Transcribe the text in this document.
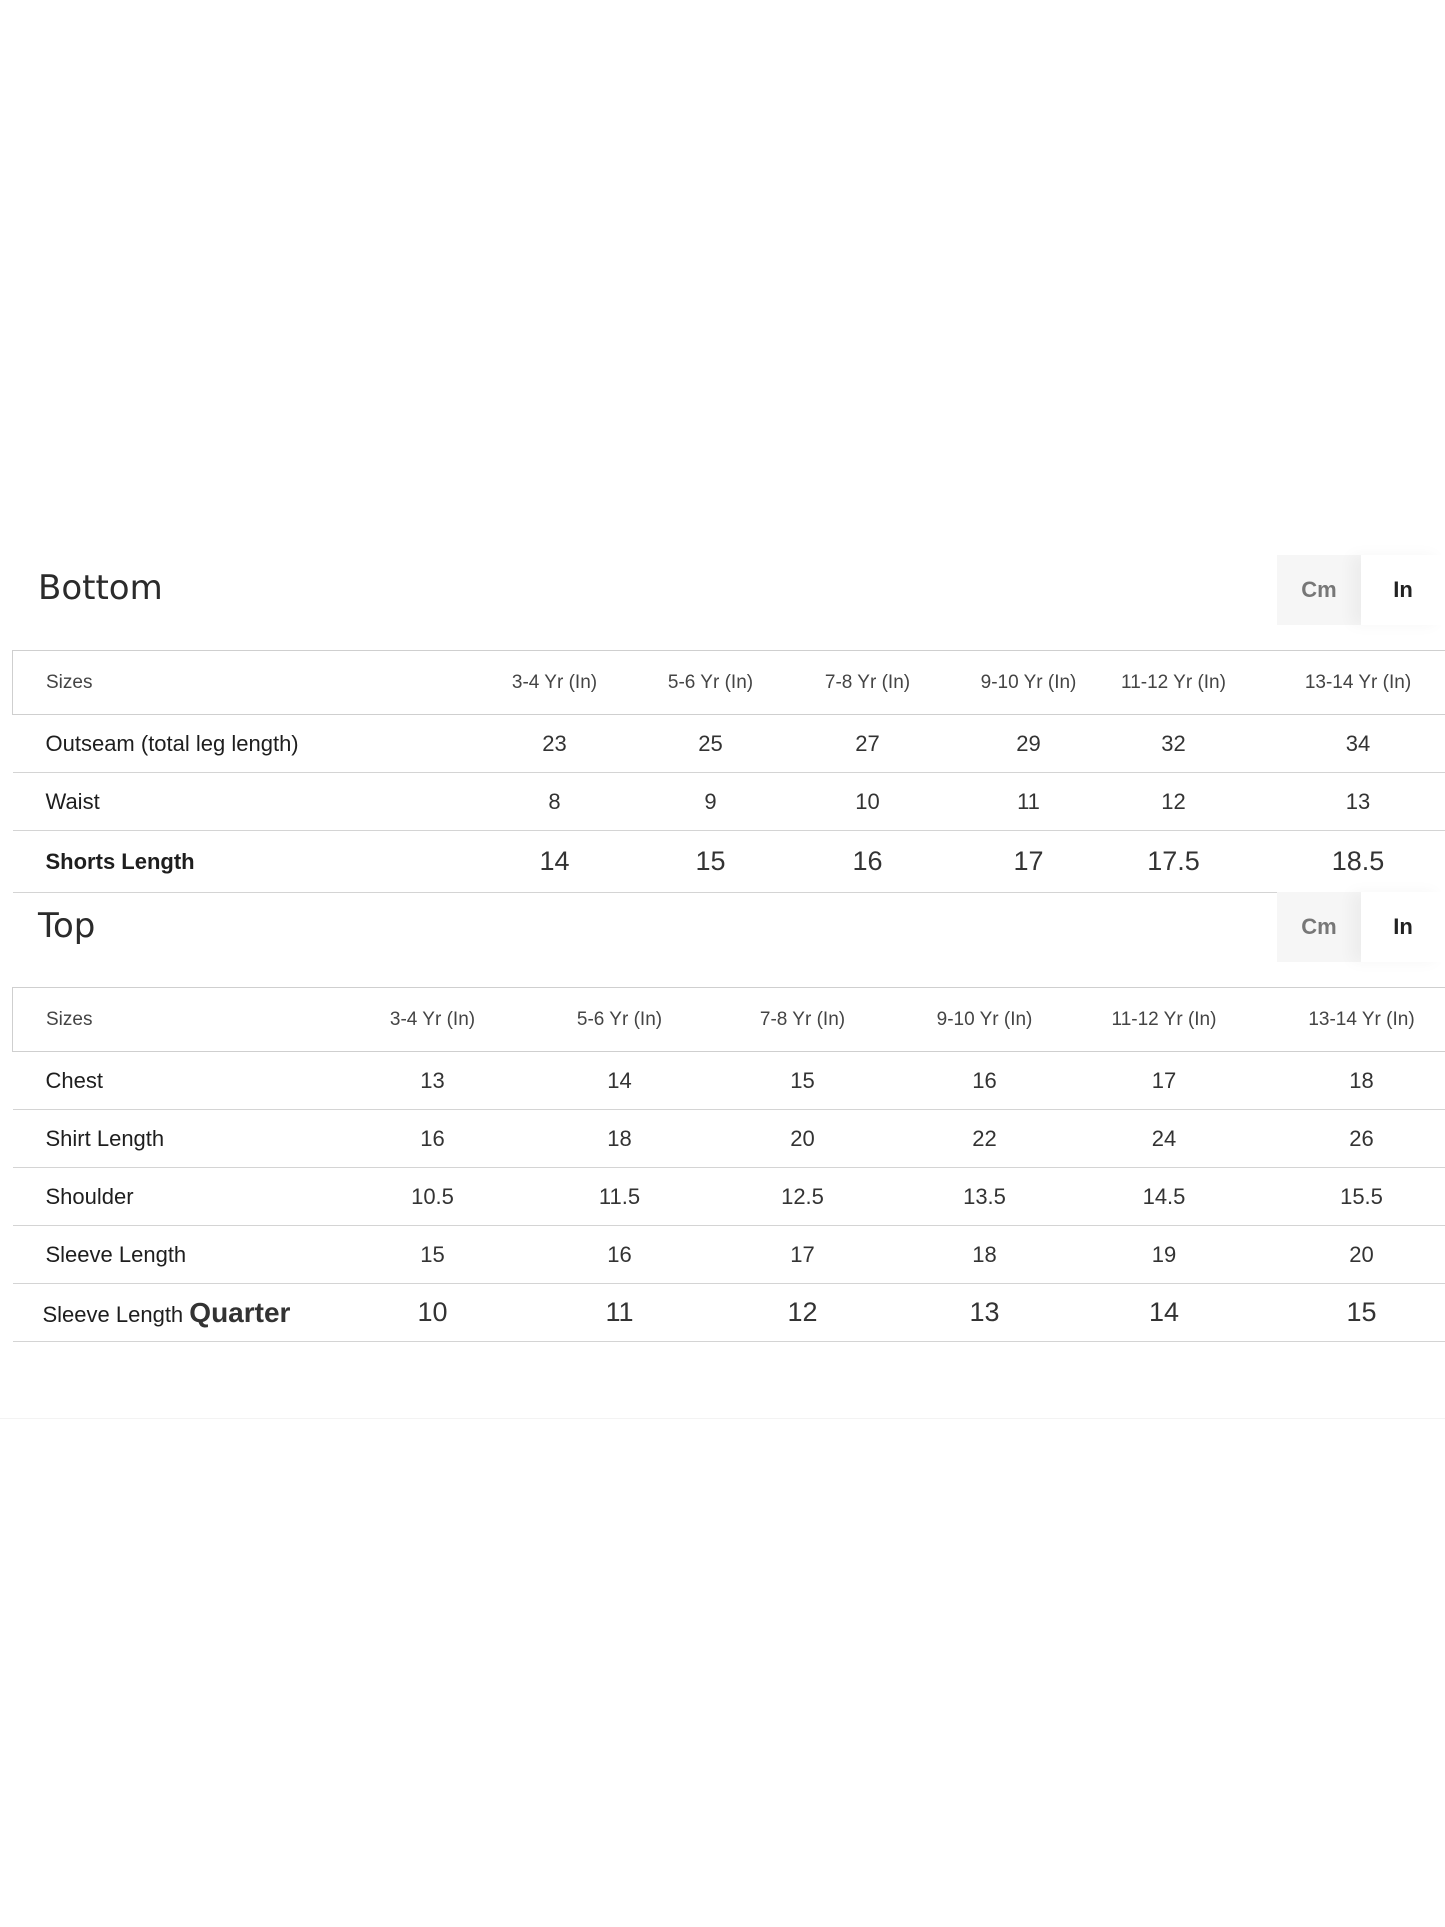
Bottom	Cm	In
Sizes	3-4 Yr (In)	5-6 Yr (In)	7-8 Yr (In)	9-10 Yr (In)	11-12 Yr (In)	13-14 Yr (In)
Outseam (total leg length)	23	25	27	29	32	34
Waist	8	9	10	11	12	13
Shorts Length	14	15	16	17	17.5	18.5
Top	Cm	In
Sizes	3-4 Yr (In)	5-6 Yr (In)	7-8 Yr (In)	9-10 Yr (In)	11-12 Yr (In)	13-14 Yr (In)
Chest	13	14	15	16	17	18
Shirt Length	16	18	20	22	24	26
Shoulder	10.5	11.5	12.5	13.5	14.5	15.5
Sleeve Length	15	16	17	18	19	20
Sleeve Length Quarter	10	11	12	13	14	15
